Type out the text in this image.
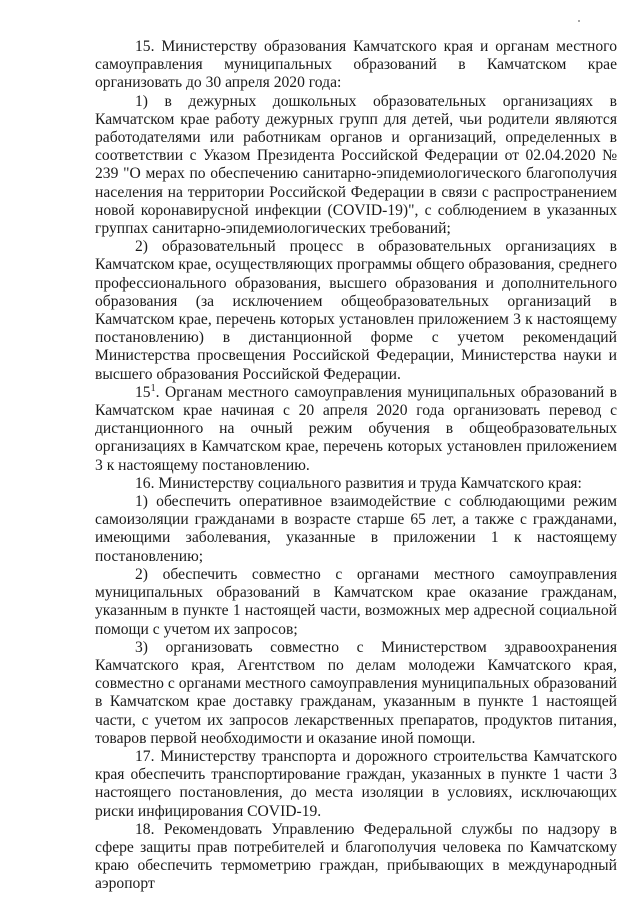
15. Министерству образования Камчатского края и органам местного самоуправления муниципальных образований в Камчатском крае организовать до 30 апреля 2020 года:

1) в дежурных дошкольных образовательных организациях в Камчатском крае работу дежурных групп для детей, чьи родители являются работодателями или работникам органов и организаций, определенных в соответствии с Указом Президента Российской Федерации от 02.04.2020 № 239 "О мерах по обеспечению санитарно-эпидемиологического благополучия населения на территории Российской Федерации в связи с распространением новой коронавирусной инфекции (COVID-19)", с соблюдением в указанных группах санитарно-эпидемиологических требований;

2) образовательный процесс в образовательных организациях в Камчатском крае, осуществляющих программы общего образования, среднего профессионального образования, высшего образования и дополнительного образования (за исключением общеобразовательных организаций в Камчатском крае, перечень которых установлен приложением 3 к настоящему постановлению) в дистанционной форме с учетом рекомендаций Министерства просвещения Российской Федерации, Министерства науки и высшего образования Российской Федерации.

$15^1$. Органам местного самоуправления муниципальных образований в Камчатском крае начиная с 20 апреля 2020 года организовать перевод с дистанционного на очный режим обучения в общеобразовательных организациях в Камчатском крае, перечень которых установлен приложением 3 к настоящему постановлению.

16. Министерству социального развития и труда Камчатского края:

1) обеспечить оперативное взаимодействие с соблюдающими режим самоизоляции гражданами в возрасте старше 65 лет, а также с гражданами, имеющими заболевания, указанные в приложении 1 к настоящему постановлению;

2) обеспечить совместно с органами местного самоуправления муниципальных образований в Камчатском крае оказание гражданам, указанным в пункте 1 настоящей части, возможных мер адресной социальной помощи с учетом их запросов;

3) организовать совместно с Министерством здравоохранения Камчатского края, Агентством по делам молодежи Камчатского края, совместно с органами местного самоуправления муниципальных образований в Камчатском крае доставку гражданам, указанным в пункте 1 настоящей части, с учетом их запросов лекарственных препаратов, продуктов питания, товаров первой необходимости и оказание иной помощи.

17. Министерству транспорта и дорожного строительства Камчатского края обеспечить транспортирование граждан, указанных в пункте 1 части 3 настоящего постановления, до места изоляции в условиях, исключающих риски инфицирования COVID-19.

18. Рекомендовать Управлению Федеральной службы по надзору в сфере защиты прав потребителей и благополучия человека по Камчатскому краю обеспечить термометрию граждан, прибывающих в международный аэропорт
